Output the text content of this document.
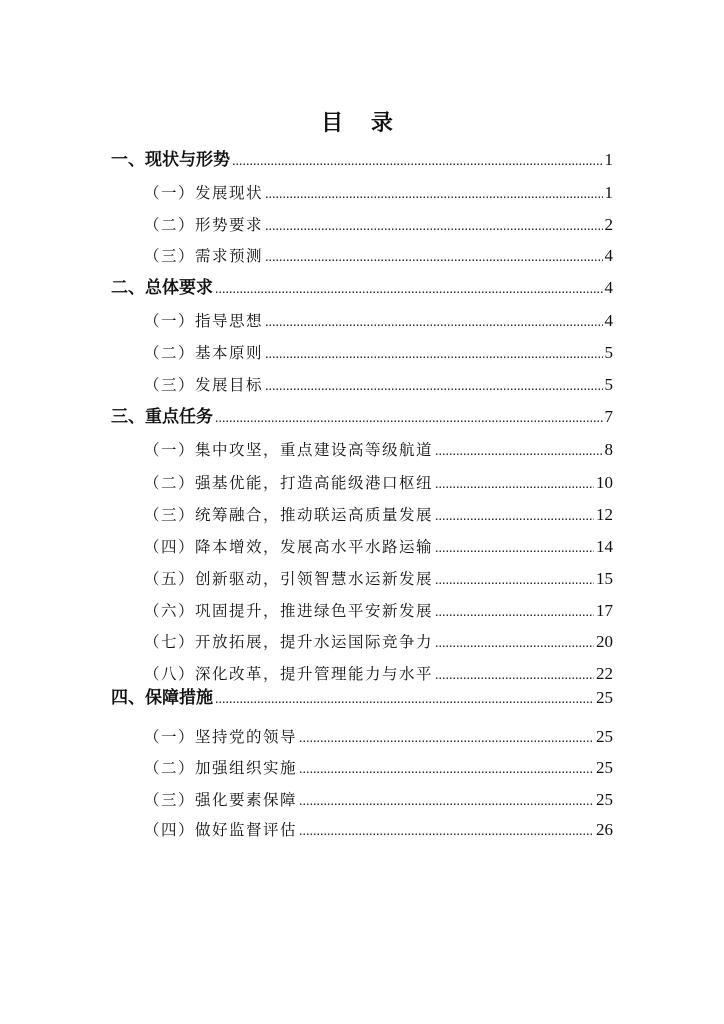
目 录
一、现状与形势 .....	1
（一）发展现状 .....	1
（二）形势要求 .....	2
（三）需求预测 .....	4
二、总体要求 .....	4
（一）指导思想 .....	4
（二）基本原则 .....	5
（三）发展目标 .....	5
三、重点任务 .....	7
（一）集中攻坚，重点建设高等级航道 .....	8
（二）强基优能，打造高能级港口枢纽 .....	10
（三）统筹融合，推动联运高质量发展 .....	12
（四）降本增效，发展高水平水路运输 .....	14
（五）创新驱动，引领智慧水运新发展 .....	15
（六）巩固提升，推进绿色平安新发展 .....	17
（七）开放拓展，提升水运国际竞争力 .....	20
（八）深化改革，提升管理能力与水平 .....	22
四、保障措施 .....	25
（一）坚持党的领导 .....	25
（二）加强组织实施 .....	25
（三）强化要素保障 .....	25
（四）做好监督评估 .....	26
